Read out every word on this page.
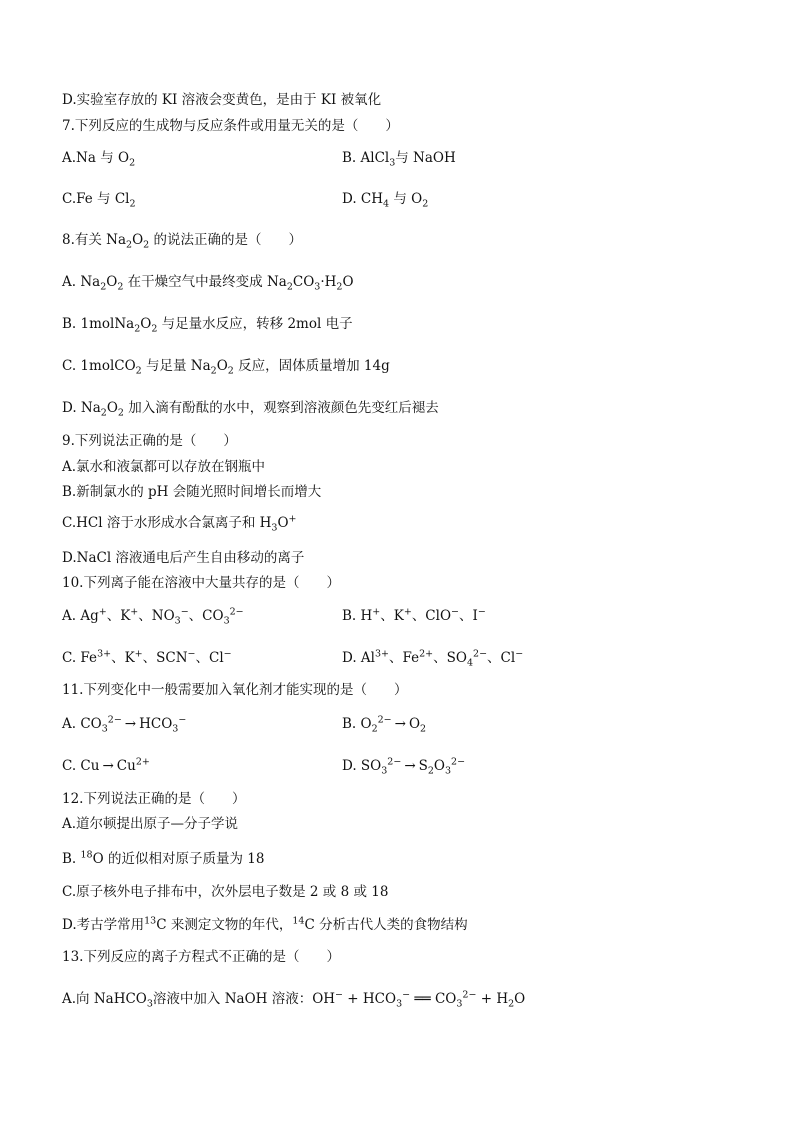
D.实验室存放的 KI 溶液会变黄色，是由于 KI 被氧化
7.下列反应的生成物与反应条件或用量无关的是（　　）
A.Na 与 $O_2$	B. AlCl$_3$与 NaOH
C.Fe 与 $Cl_2$	D. $CH_4$ 与 $O_2$
8.有关 $Na_2O_2$ 的说法正确的是（　　）
A. $Na_2O_2$ 在干燥空气中最终变成 $Na_2CO_3\cdot H_2O$
B. $1molNa_2O_2$ 与足量水反应，转移 2mol 电子
C. 1molCO$_2$ 与足量 $Na_2O_2$ 反应，固体质量增加 14g
D. $Na_2O_2$ 加入滴有酚酞的水中，观察到溶液颜色先变红后褪去
9.下列说法正确的是（　　）
A.氯水和液氯都可以存放在钢瓶中
B.新制氯水的 pH 会随光照时间增长而增大
C.HCl 溶于水形成水合氯离子和 $H_3O^+$
D.NaCl 溶液通电后产生自由移动的离子
10.下列离子能在溶液中大量共存的是（　　）
A. Ag+、K+、$NO_3^-$、$CO_3^{2-}$	B. H+、K+、ClO−、I−
C. $Fe^{3+}$、K+、SCN−、Cl−	D. $Al^{3+}$、$Fe^{2+}$、$SO_4^{2-}$、Cl−
11.下列变化中一般需要加入氧化剂才能实现的是（　　）
A. $CO_3^{2-} \to HCO_3^-$	B. $O_2^{2-} \to O_2$
C. $Cu \to Cu^{2+}$	D. $SO_3^{2-} \to S_2O_3^{2-}$
12.下列说法正确的是（　　）
A.道尔顿提出原子—分子学说
B. $^{18}$O 的近似相对原子质量为 18
C.原子核外电子排布中，次外层电子数是 2 或 8 或 18
D.考古学常用$^{13}$C 来测定文物的年代，$^{14}$C 分析古代人类的食物结构
13.下列反应的离子方程式不正确的是（　　）
A.向 NaHCO$_3$溶液中加入 NaOH 溶液：$OH^- + HCO_3^-$ ══ $CO_3^{2-} + H_2O$
